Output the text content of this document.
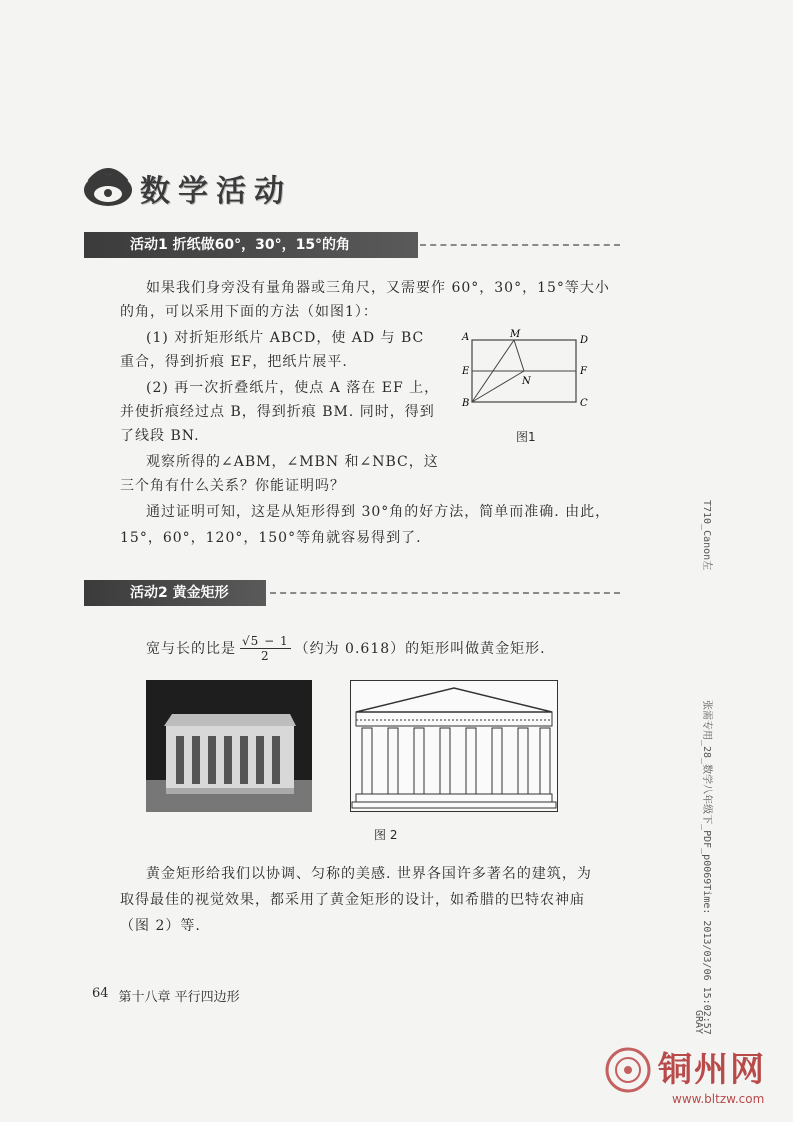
数学活动
活动1 折纸做60°，30°，15°的角
如果我们身旁没有量角器或三角尺，又需要作 60°，30°，15°等大小
的角，可以采用下面的方法（如图1）：
(1) 对折矩形纸片 ABCD，使 AD 与 BC
重合，得到折痕 EF，把纸片展平.
(2) 再一次折叠纸片，使点 A 落在 EF 上，
并使折痕经过点 B，得到折痕 BM. 同时，得到
了线段 BN.
观察所得的∠ABM，∠MBN 和∠NBC，这
三个角有什么关系？你能证明吗？
通过证明可知，这是从矩形得到 30°角的好方法，简单而准确. 由此，
15°，60°，120°，150°等角就容易得到了.
A	M
D
E
N
F
B	C
图1
活动2 黄金矩形
宽与长的比是 $\frac{√5 - 1}{2}$ （约为 0.618）的矩形叫做黄金矩形.
图 2
黄金矩形给我们以协调、匀称的美感. 世界各国许多著名的建筑，为
取得最佳的视觉效果，都采用了黄金矩形的设计，如希腊的巴特农神庙
（图 2）等.
64 第十八章 平行四边形
T710_Canon左
张需专用_28_数学八年级下_PDF_p0069Time: 2013/03/06 15:02:57
GRAY
铜州网
www.bltzw.com
